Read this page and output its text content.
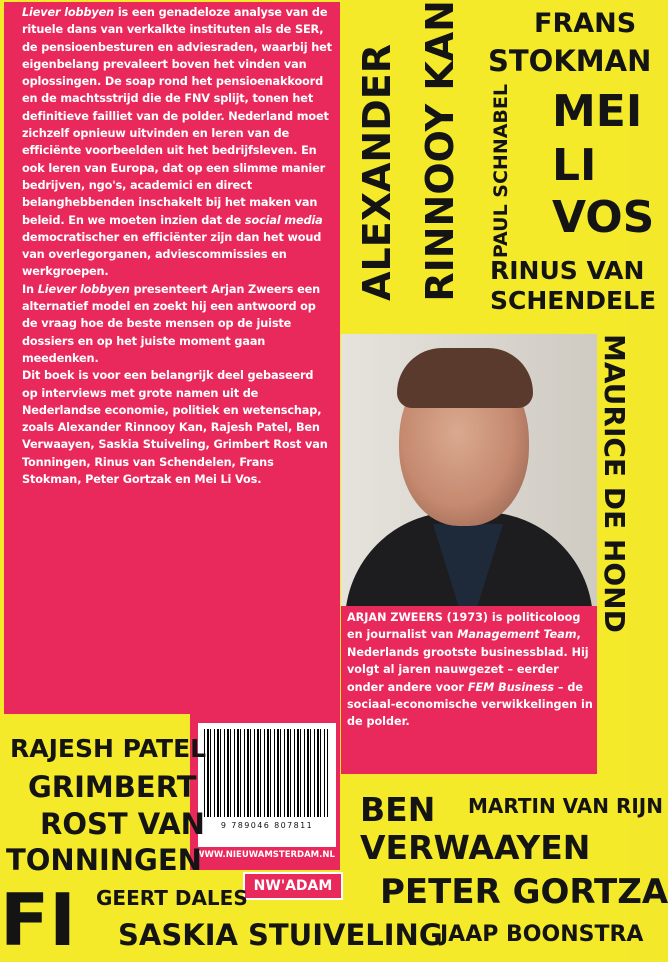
Liever lobbyen is een genadeloze analyse van de rituele dans van verkalkte instituten als de SER, de pensioenbesturen en adviesraden, waarbij het eigenbelang prevaleert boven het vinden van oplossingen. De soap rond het pensioenakkoord en de machtsstrijd die de FNV splijt, tonen het definitieve failliet van de polder. Nederland moet zichzelf opnieuw uitvinden en leren van de efficiënte voorbeelden uit het bedrijfsleven. En ook leren van Europa, dat op een slimme manier bedrijven, ngo's, academici en direct belanghebbenden inschakelt bij het maken van beleid. En we moeten inzien dat de social media democratischer en efficiënter zijn dan het woud van overlegorganen, adviescommissies en werkgroepen.

In Liever lobbyen presenteert Arjan Zweers een alternatief model en zoekt hij een antwoord op de vraag hoe de beste mensen op de juiste dossiers en op het juiste moment gaan meedenken.

Dit boek is voor een belangrijk deel gebaseerd op interviews met grote namen uit de Nederlandse economie, politiek en wetenschap, zoals Alexander Rinnooy Kan, Rajesh Patel, Ben Verwaayen, Saskia Stuiveling, Grimbert Rost van Tonningen, Rinus van Schendelen, Frans Stokman, Peter Gortzak en Mei Li Vos.

ARJAN ZWEERS (1973) is politicoloog en journalist van Management Team, Nederlands grootste businessblad. Hij volgt al jaren nauwgezet – eerder onder andere voor FEM Business – de sociaal-economische verwikkelingen in de polder.
9 789046 807811
WWW.NIEUWAMSTERDAM.NL
NW'ADAM
FRANS
STOKMAN
MEI
LI
VOS
PAUL SCHNABEL
ALEXANDER RINNOOY KAN RINUS VAN
SCHENDELE
MAURICE DE HOND
RAJESH PATEL
GRIMBERT
ROST VAN
TONNINGEN
GEERT DALES
FI SASKIA STUIVELING
BEN
VERWAAYEN
MARTIN VAN RIJN
PETER GORTZA
JAAP BOONSTRA
